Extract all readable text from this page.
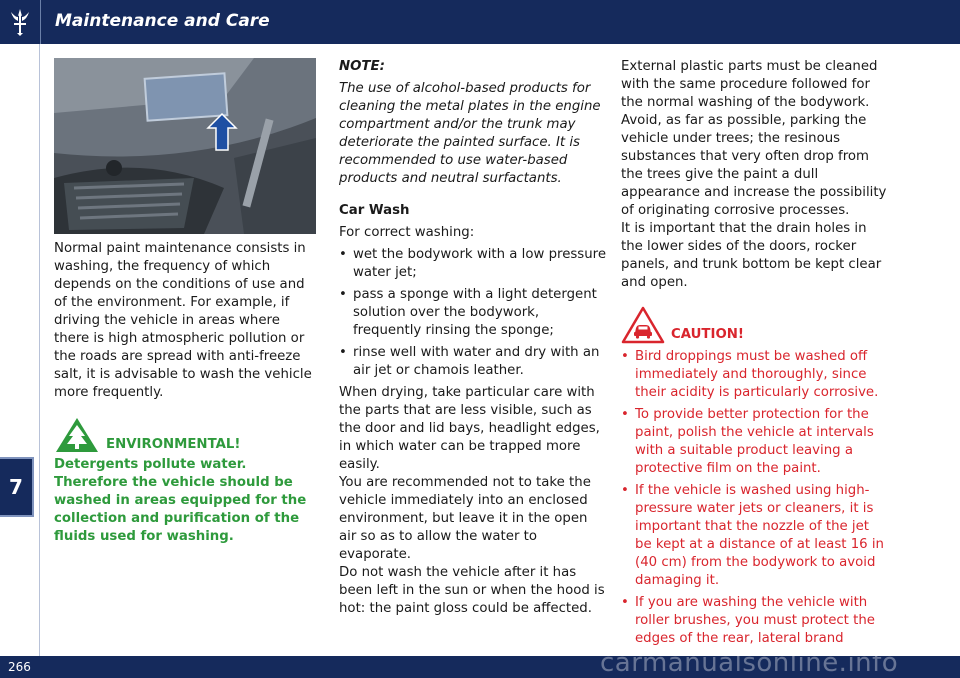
Maintenance and Care
7

Normal paint maintenance consists in washing, the frequency of which depends on the conditions of use and of the environment. For example, if driving the vehicle in areas where there is high atmospheric pollution or the roads are spread with anti-freeze salt, it is advisable to wash the vehicle more frequently.

ENVIRONMENTAL!

Detergents pollute water. Therefore the vehicle should be washed in areas equipped for the collection and purification of the fluids used for washing.

NOTE:

The use of alcohol-based products for cleaning the metal plates in the engine compartment and/or the trunk may deteriorate the painted surface. It is recommended to use water-based products and neutral surfactants.

Car Wash

For correct washing:

• wet the bodywork with a low pressure water jet;
• pass a sponge with a light detergent solution over the bodywork, frequently rinsing the sponge;
• rinse well with water and dry with an air jet or chamois leather.

When drying, take particular care with the parts that are less visible, such as the door and lid bays, headlight edges, in which water can be trapped more easily.

You are recommended not to take the vehicle immediately into an enclosed environment, but leave it in the open air so as to allow the water to evaporate.

Do not wash the vehicle after it has been left in the sun or when the hood is hot: the paint gloss could be affected.

External plastic parts must be cleaned with the same procedure followed for the normal washing of the bodywork. Avoid, as far as possible, parking the vehicle under trees; the resinous substances that very often drop from the trees give the paint a dull appearance and increase the possibility of originating corrosive processes.

It is important that the drain holes in the lower sides of the doors, rocker panels, and trunk bottom be kept clear and open.

CAUTION!
• Bird droppings must be washed off immediately and thoroughly, since their acidity is particularly corrosive.
• To provide better protection for the paint, polish the vehicle at intervals with a suitable product leaving a protective film on the paint.
• If the vehicle is washed using high-pressure water jets or cleaners, it is important that the nozzle of the jet be kept at a distance of at least 16 in (40 cm) from the bodywork to avoid damaging it.
• If you are washing the vehicle with roller brushes, you must protect the edges of the rear, lateral brand
266	carmanualsonline.info
